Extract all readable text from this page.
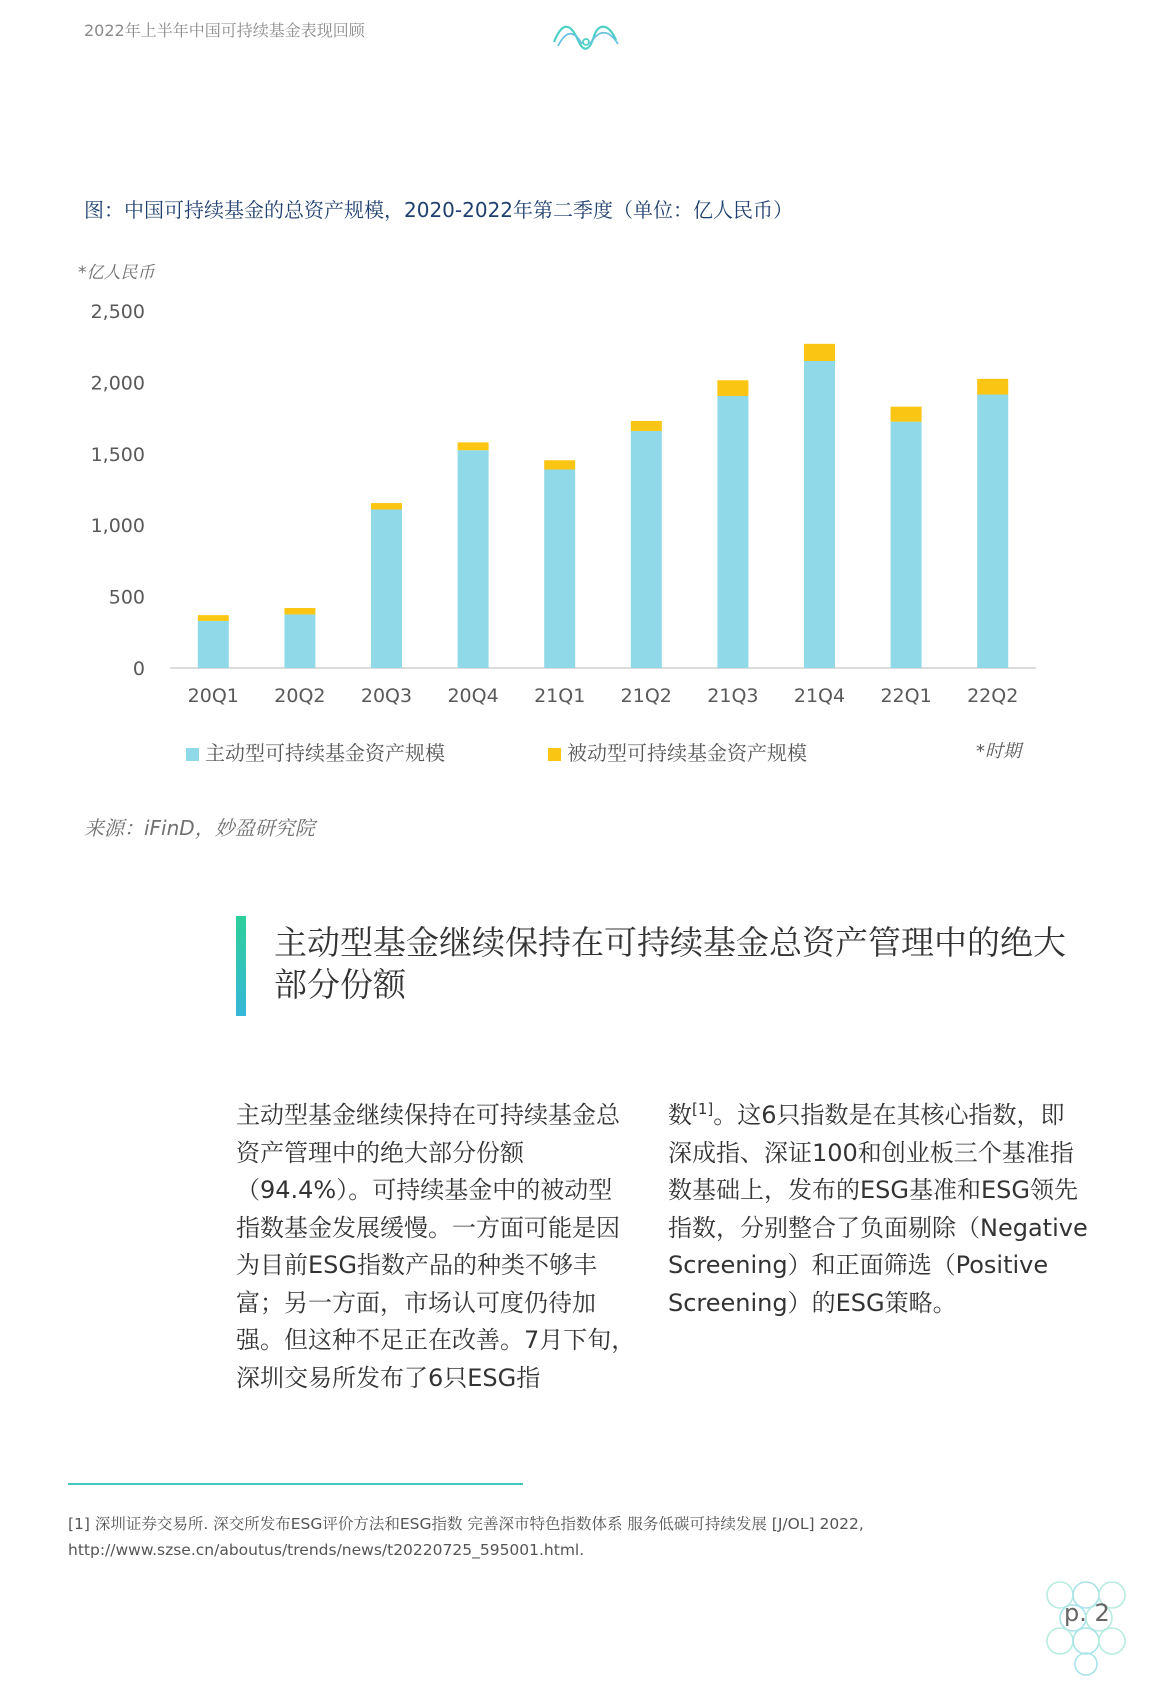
2022年上半年中国可持续基金表现回顾
图：中国可持续基金的总资产规模，2020-2022年第二季度（单位：亿人民币）
*亿人民币
2,500
2,000
1,500
1,000
500
0
20Q1 20Q2 20Q3 20Q4 21Q1 21Q2 21Q3 21Q4 22Q1 22Q2
主动型可持续基金资产规模	被动型可持续基金资产规模	*时期
来源：iFinD，妙盈研究院
主动型基金继续保持在可持续基金总资产管理中的绝大部分份额
主动型基金继续保持在可持续基金总资产管理中的绝大部分份额（94.4%）。可持续基金中的被动型指数基金发展缓慢。一方面可能是因为目前ESG指数产品的种类不够丰富；另一方面，市场认可度仍待加强。但这种不足正在改善。7月下旬，深圳交易所发布了6只ESG指
数[1]。这6只指数是在其核心指数，即深成指、深证100和创业板三个基准指数基础上，发布的ESG基准和ESG领先指数，分别整合了负面剔除（Negative Screening）和正面筛选（Positive Screening）的ESG策略。
[1] 深圳证券交易所. 深交所发布ESG评价方法和ESG指数 完善深市特色指数体系 服务低碳可持续发展 [J/OL] 2022,
http://www.szse.cn/aboutus/trends/news/t20220725_595001.html.
p. 2
